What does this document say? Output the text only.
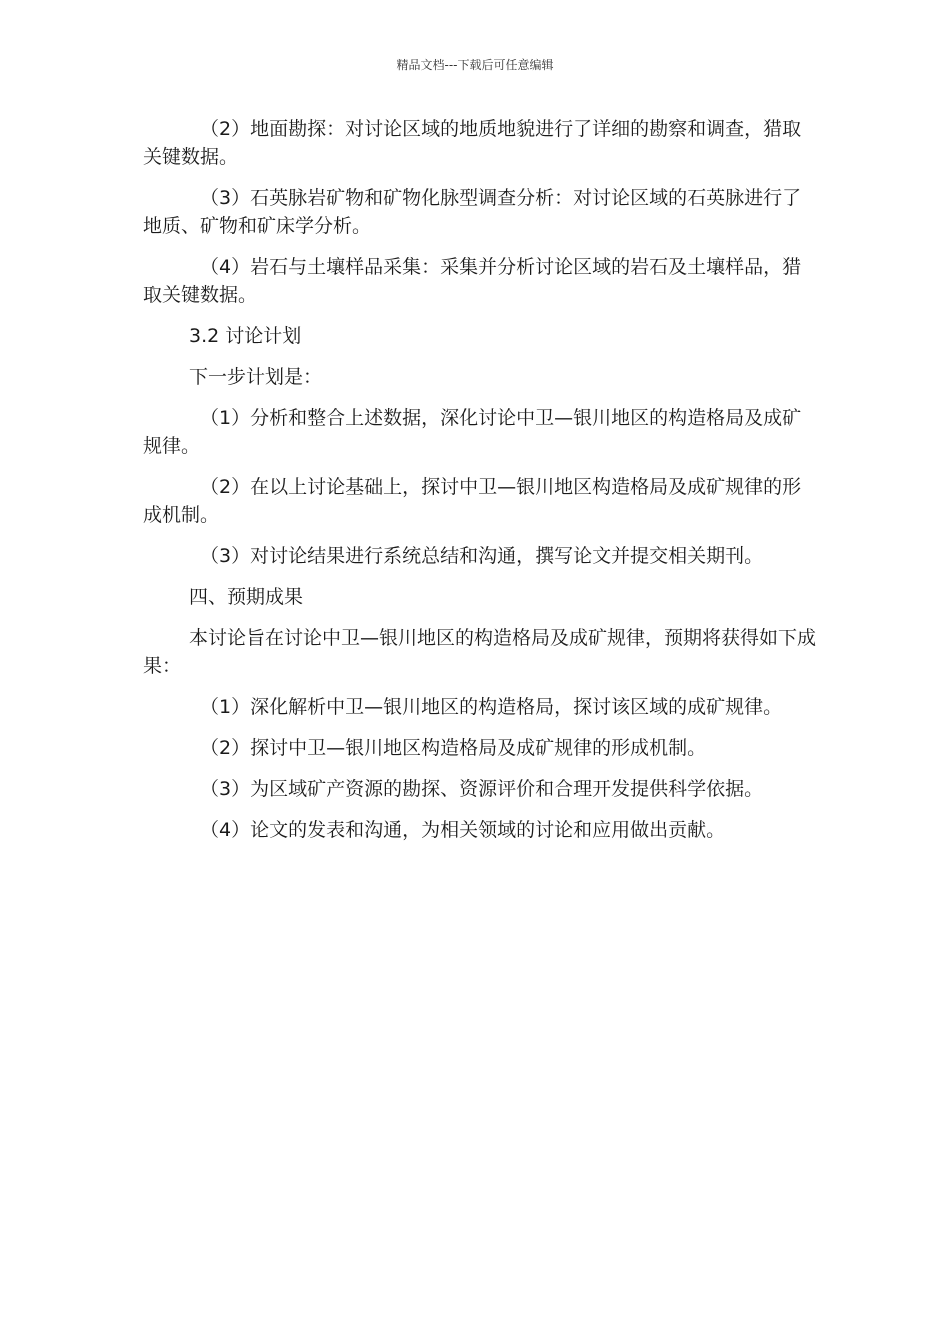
精品文档---下载后可任意编辑

（2）地面勘探：对讨论区域的地质地貌进行了详细的勘察和调查，猎取关键数据。

（3）石英脉岩矿物和矿物化脉型调查分析：对讨论区域的石英脉进行了地质、矿物和矿床学分析。

（4）岩石与土壤样品采集：采集并分析讨论区域的岩石及土壤样品，猎取关键数据。

3.2 讨论计划

下一步计划是：

（1）分析和整合上述数据，深化讨论中卫—银川地区的构造格局及成矿规律。

（2）在以上讨论基础上，探讨中卫—银川地区构造格局及成矿规律的形成机制。

（3）对讨论结果进行系统总结和沟通，撰写论文并提交相关期刊。

四、预期成果

本讨论旨在讨论中卫—银川地区的构造格局及成矿规律，预期将获得如下成果：

（1）深化解析中卫—银川地区的构造格局，探讨该区域的成矿规律。

（2）探讨中卫—银川地区构造格局及成矿规律的形成机制。

（3）为区域矿产资源的勘探、资源评价和合理开发提供科学依据。

（4）论文的发表和沟通，为相关领域的讨论和应用做出贡献。
